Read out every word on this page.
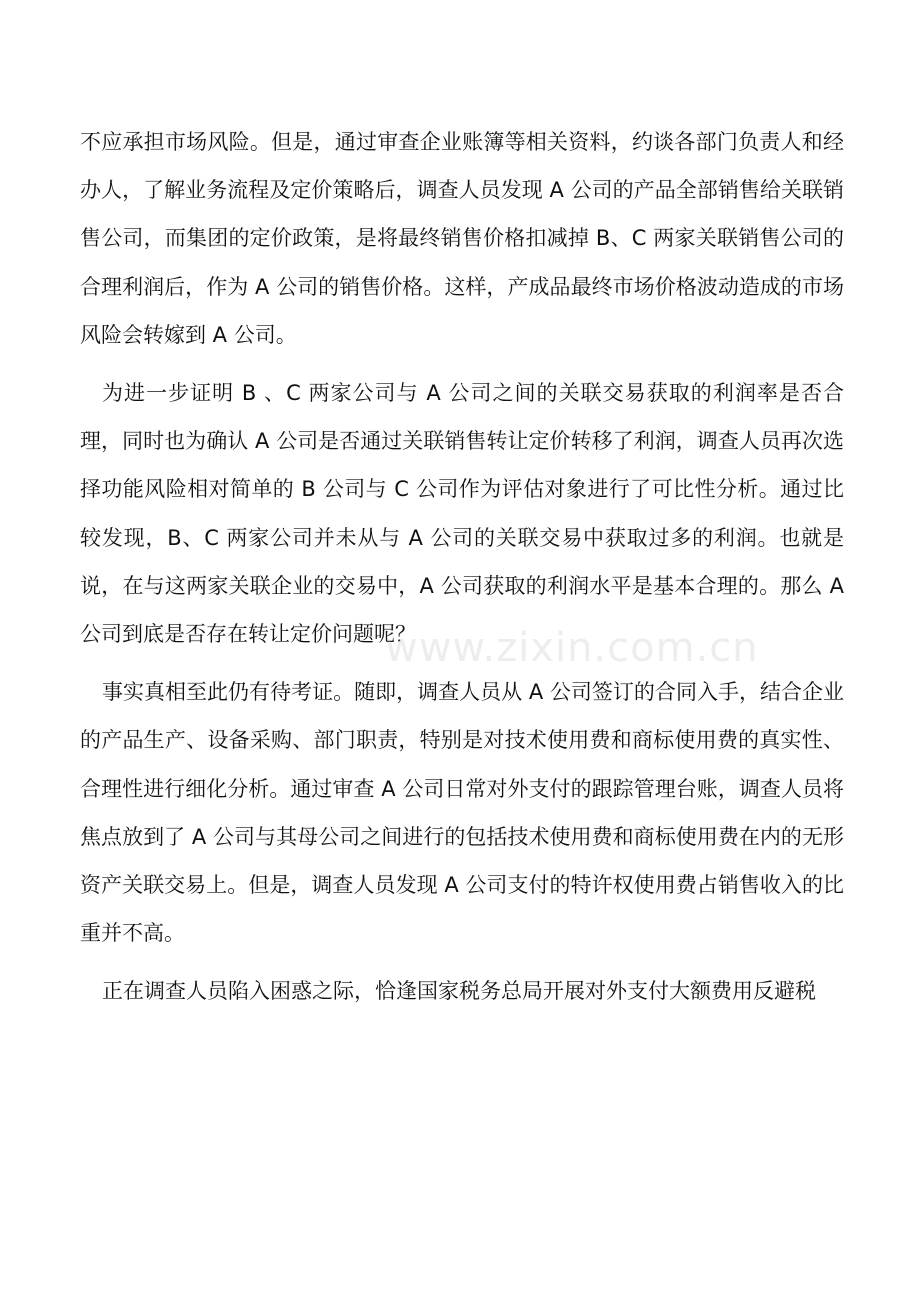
不应承担市场风险。但是，通过审查企业账簿等相关资料，约谈各部门负责人和经办人，了解业务流程及定价策略后，调查人员发现 A 公司的产品全部销售给关联销售公司，而集团的定价政策，是将最终销售价格扣减掉 B、C 两家关联销售公司的合理利润后，作为 A 公司的销售价格。这样，产成品最终市场价格波动造成的市场风险会转嫁到 A 公司。

为进一步证明 B 、C 两家公司与 A 公司之间的关联交易获取的利润率是否合理，同时也为确认 A 公司是否通过关联销售转让定价转移了利润，调查人员再次选择功能风险相对简单的 B 公司与 C 公司作为评估对象进行了可比性分析。通过比较发现，B、C 两家公司并未从与 A 公司的关联交易中获取过多的利润。也就是说，在与这两家关联企业的交易中，A 公司获取的利润水平是基本合理的。那么 A 公司到底是否存在转让定价问题呢？

事实真相至此仍有待考证。随即，调查人员从 A 公司签订的合同入手，结合企业的产品生产、设备采购、部门职责，特别是对技术使用费和商标使用费的真实性、合理性进行细化分析。通过审查 A 公司日常对外支付的跟踪管理台账，调查人员将焦点放到了 A 公司与其母公司之间进行的包括技术使用费和商标使用费在内的无形资产关联交易上。但是，调查人员发现 A 公司支付的特许权使用费占销售收入的比重并不高。

正在调查人员陷入困惑之际，恰逢国家税务总局开展对外支付大额费用反避税

www.zixin.com.cn
